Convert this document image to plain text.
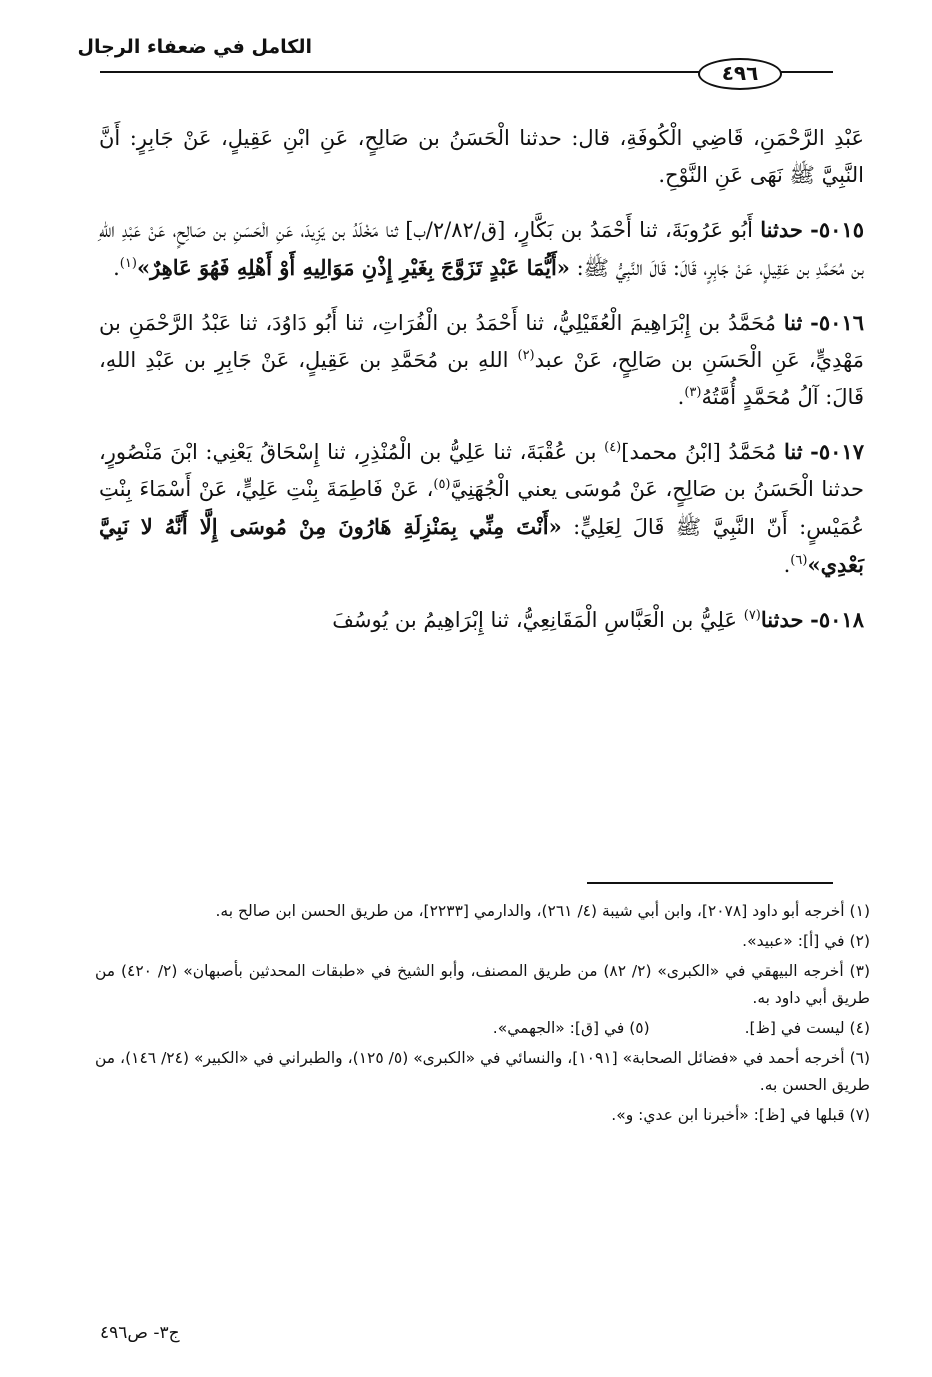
الكامل في ضعفاء الرجال
٤٩٦

عَبْدِ الرَّحْمَنِ، قَاضِي الْكُوفَةِ، قال: حدثنا الْحَسَنُ بن صَالِحٍ، عَنِ ابْنِ عَقِيلٍ، عَنْ جَابِرٍ: أَنَّ النَّبِيَّ ﷺ نَهَى عَنِ النَّوْحِ.

٥٠١٥- حدثنا أَبُو عَرُوبَةَ، ثنا أَحْمَدُ بن بَكَّارٍ، [ق/٢/٨٢/ب] ثنا مَخْلَدُ بن يَزِيدَ، عَنِ الْحَسَنِ بن صَالِحٍ، عَنْ عَبْدِ اللهِ بن مُحَمَّدِ بن عَقِيلٍ، عَنْ جَابِرٍ، قَالَ: قَالَ النَّبِيُّ ﷺ: «أَيُّمَا عَبْدٍ تَزَوَّجَ بِغَيْرِ إِذْنِ مَوَالِيهِ أَوْ أَهْلِهِ فَهُوَ عَاهِرٌ»$^{(١)}$.

٥٠١٦- ثنا مُحَمَّدُ بن إِبْرَاهِيمَ الْعُقَيْلِيُّ، ثنا أَحْمَدُ بن الْفُرَاتِ، ثنا أَبُو دَاوُدَ، ثنا عَبْدُ الرَّحْمَنِ بن مَهْدِيٍّ، عَنِ الْحَسَنِ بن صَالِحٍ، عَنْ عبد$^{(٢)}$ اللهِ بن مُحَمَّدِ بن عَقِيلٍ، عَنْ جَابِرِ بن عَبْدِ اللهِ، قَالَ: آلُ مُحَمَّدٍ أُمَّتُهُ$^{(٣)}$.

٥٠١٧- ثنا مُحَمَّدُ [ابْنُ محمد]$^{(٤)}$ بن عُقْبَةَ، ثنا عَلِيُّ بن الْمُنْذِرِ، ثنا إِسْحَاقُ يَعْنِي: ابْنَ مَنْصُورٍ، حدثنا الْحَسَنُ بن صَالِحٍ، عَنْ مُوسَى يعني الْجُهَنِيَّ$^{(٥)}$، عَنْ فَاطِمَةَ بِنْتِ عَلِيٍّ، عَنْ أَسْمَاءَ بِنْتِ عُمَيْسٍ: أَنّ النَّبِيَّ ﷺ قَالَ لِعَلِيٍّ: «أَنْتَ مِنِّي بِمَنْزِلَةِ هَارُونَ مِنْ مُوسَى إِلَّا أَنَّهُ لا نَبِيَّ بَعْدِي»$^{(٦)}$.

٥٠١٨- حدثنا$^{(٧)}$ عَلِيُّ بن الْعَبَّاسِ الْمَقَانِعِيُّ، ثنا إِبْرَاهِيمُ بن يُوسُفَ

(١) أخرجه أبو داود [٢٠٧٨]، وابن أبي شيبة (٤/ ٢٦١)، والدارمي [٢٢٣٣]، من طريق الحسن ابن صالح به.

(٢) في [أ]: «عبيد».

(٣) أخرجه البيهقي في «الكبرى» (٢/ ٨٢) من طريق المصنف، وأبو الشيخ في «طبقات المحدثين بأصبهان» (٢/ ٤٢٠) من طريق أبي داود به.

(٤) ليست في [ظ]. (٥) في [ق]: «الجهمي».

(٦) أخرجه أحمد في «فضائل الصحابة» [١٠٩١]، والنسائي في «الكبرى» (٥/ ١٢٥)، والطبراني في «الكبير» (٢٤/ ١٤٦)، من طريق الحسن به.

(٧) قبلها في [ظ]: «أخبرنا ابن عدي: و».

ج٣- ص٤٩٦
